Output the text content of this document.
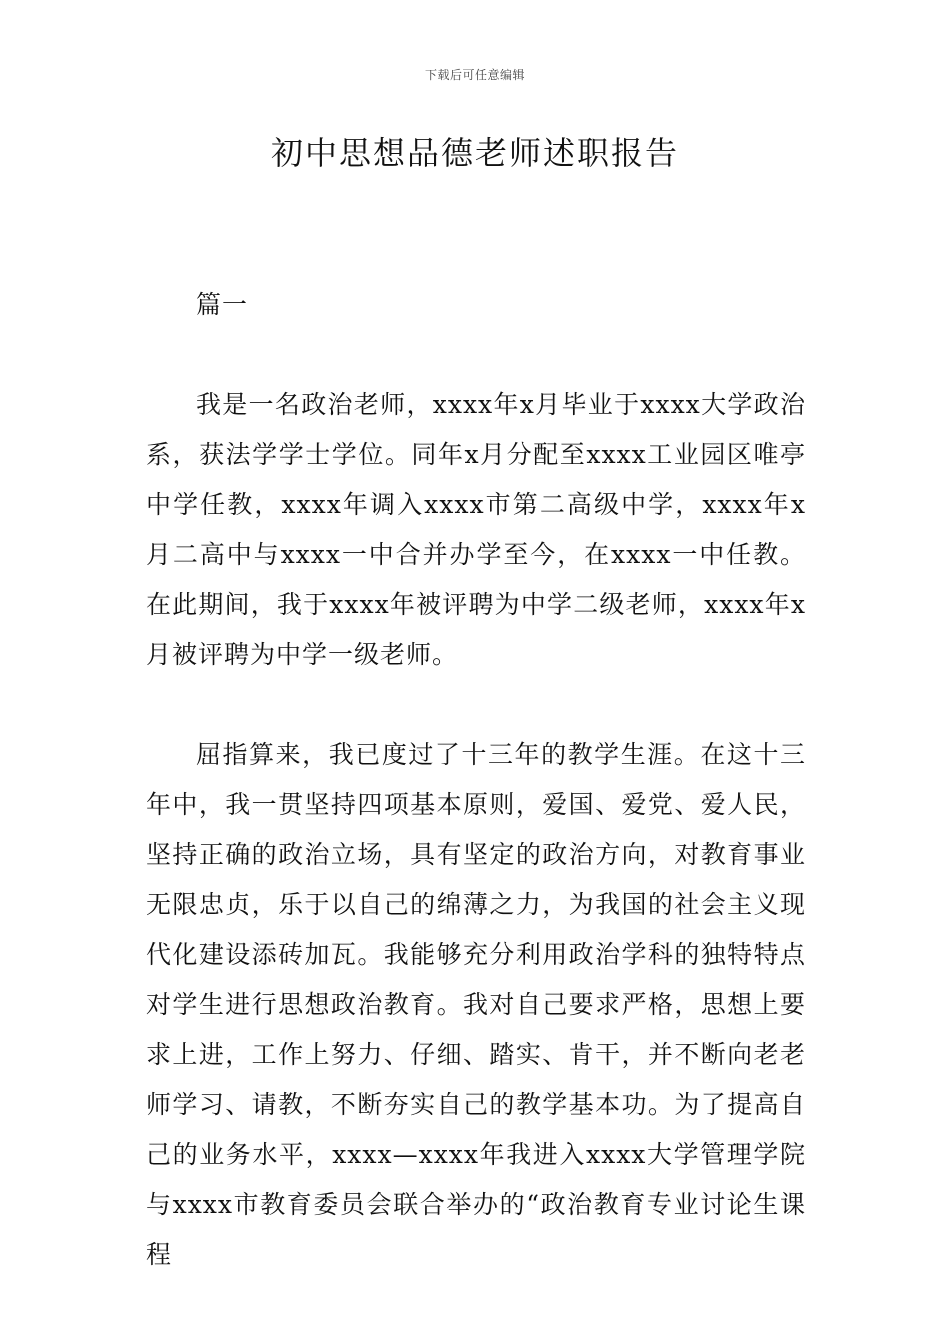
下载后可任意编辑
初中思想品德老师述职报告

篇一

我是一名政治老师，xxxx年x月毕业于xxxx大学政治系，获法学学士学位。同年x月分配至xxxx工业园区唯亭中学任教，xxxx年调入xxxx市第二高级中学，xxxx年x月二高中与xxxx一中合并办学至今，在xxxx一中任教。在此期间，我于xxxx年被评聘为中学二级老师，xxxx年x月被评聘为中学一级老师。

屈指算来，我已度过了十三年的教学生涯。在这十三年中，我一贯坚持四项基本原则，爱国、爱党、爱人民，坚持正确的政治立场，具有坚定的政治方向，对教育事业无限忠贞，乐于以自己的绵薄之力，为我国的社会主义现代化建设添砖加瓦。我能够充分利用政治学科的独特特点对学生进行思想政治教育。我对自己要求严格，思想上要求上进，工作上努力、仔细、踏实、肯干，并不断向老老师学习、请教，不断夯实自己的教学基本功。为了提高自己的业务水平，xxxx—xxxx年我进入xxxx大学管理学院与xxxx市教育委员会联合举办的“政治教育专业讨论生课程
